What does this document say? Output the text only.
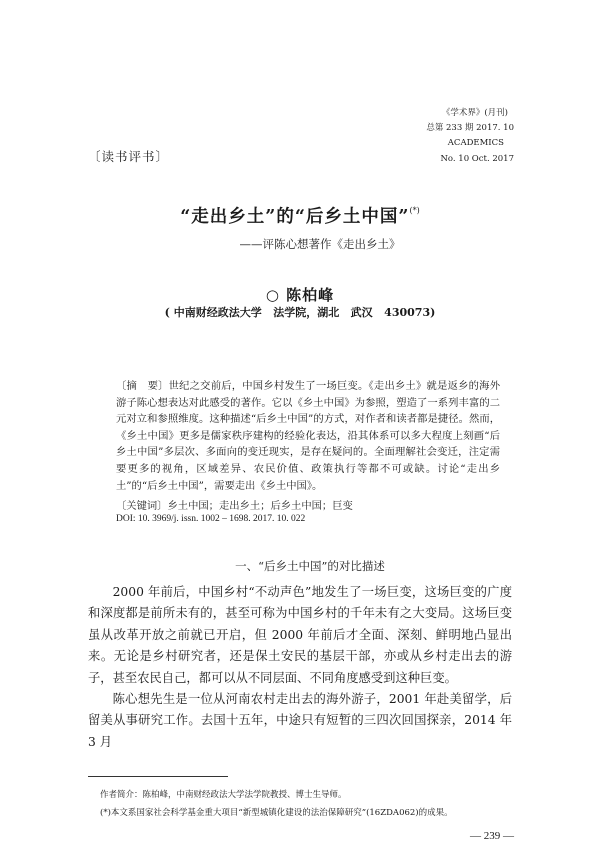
《学术界》(月刊)
总第 233 期 2017. 10
ACADEMICS
No. 10 Oct. 2017
〔读书评书〕
“走出乡土”的“后乡土中国”(*)
——评陈心想著作《走出乡土》
○ 陈柏峰
( 中南财经政法大学   法学院，湖北   武汉   430073)
〔摘　要〕世纪之交前后，中国乡村发生了一场巨变。《走出乡土》就是返乡的海外游子陈心想表达对此感受的著作。它以《乡土中国》为参照，塑造了一系列丰富的二元对立和参照维度。这种描述“后乡土中国”的方式，对作者和读者都是捷径。然而，《乡土中国》更多是儒家秩序建构的经验化表达，沿其体系可以多大程度上刻画“后乡土中国”多层次、多面向的变迁现实，是存在疑问的。全面理解社会变迁，注定需要更多的视角，区域差异、农民价值、政策执行等都不可或缺。讨论“走出乡土”的“后乡土中国”，需要走出《乡土中国》。
〔关键词〕乡土中国；走出乡土；后乡土中国；巨变
DOI: 10. 3969/j. issn. 1002 – 1698. 2017. 10. 022
一、“后乡土中国”的对比描述
2000 年前后，中国乡村“不动声色”地发生了一场巨变，这场巨变的广度和深度都是前所未有的，甚至可称为中国乡村的千年未有之大变局。这场巨变虽从改革开放之前就已开启，但 2000 年前后才全面、深刻、鲜明地凸显出来。无论是乡村研究者，还是保土安民的基层干部，亦或从乡村走出去的游子，甚至农民自己，都可以从不同层面、不同角度感受到这种巨变。
陈心想先生是一位从河南农村走出去的海外游子，2001 年赴美留学，后留美从事研究工作。去国十五年，中途只有短暂的三四次回国探亲，2014 年 3 月
作者简介：陈柏峰，中南财经政法大学法学院教授、博士生导师。
(*)本文系国家社会科学基金重大项目“新型城镇化建设的法治保障研究”(16ZDA062)的成果。
— 239 —
